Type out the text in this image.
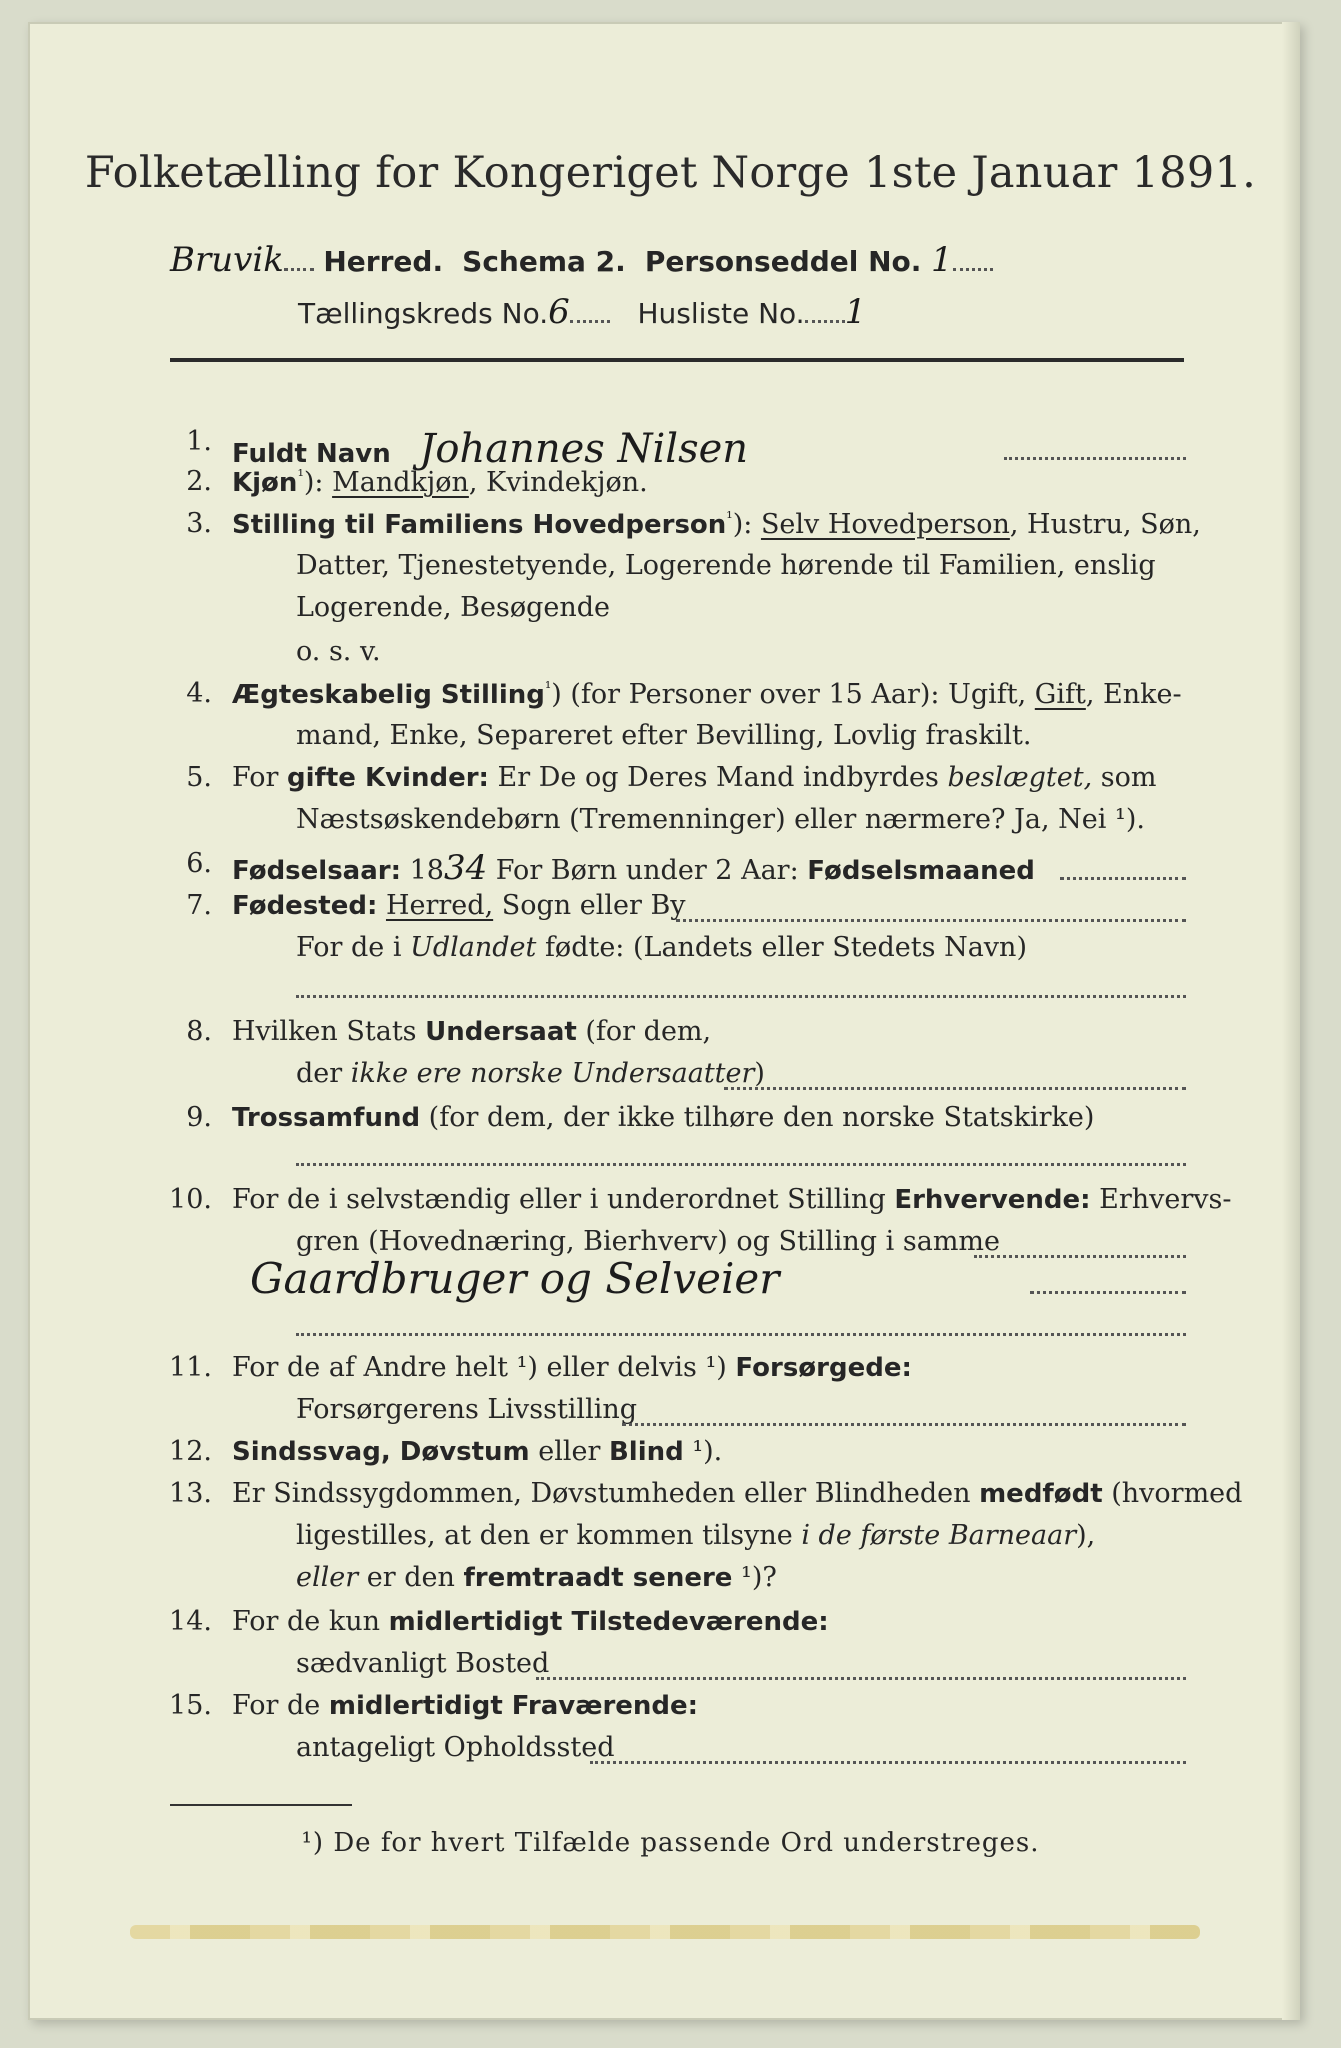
Folketælling for Kongeriget Norge 1ste Januar 1891.
Bruvik Herred. Schema 2. Personseddel No. 1
Tællingskreds No.6 Husliste No. 1
1. Fuldt Navn Johannes Nilsen
2. Kjøn$^{^1}$): Mandkjøn, Kvindekjøn.
3. Stilling til Familiens Hovedperson$^{^1}$): Selv Hovedperson, Hustru, Søn,
Datter, Tjenestetyende, Logerende hørende til Familien, enslig
Logerende, Besøgende
o. s. v.
4. Ægteskabelig Stilling$^{^1}$) (for Personer over 15 Aar): Ugift, Gift, Enke-
mand, Enke, Separeret efter Bevilling, Lovlig fraskilt.
5. For gifte Kvinder: Er De og Deres Mand indbyrdes beslægtet, som
Næstsøskendebørn (Tremenninger) eller nærmere? Ja, Nei ¹).
6. Fødselsaar: 1834 For Børn under 2 Aar: Fødselsmaaned
7. Fødested: Herred, Sogn eller By
For de i Udlandet fødte: (Landets eller Stedets Navn)
8. Hvilken Stats Undersaat (for dem,
der ikke ere norske Undersaatter)
9. Trossamfund (for dem, der ikke tilhøre den norske Statskirke)
10. For de i selvstændig eller i underordnet Stilling Erhvervende: Erhvervs-
gren (Hovednæring, Bierhverv) og Stilling i samme
Gaardbruger og Selveier
11. For de af Andre helt ¹) eller delvis ¹) Forsørgede:
Forsørgerens Livsstilling
12. Sindssvag, Døvstum eller Blind ¹).
13. Er Sindssygdommen, Døvstumheden eller Blindheden medfødt (hvormed
ligestilles, at den er kommen tilsyne i de første Barneaar),
eller er den fremtraadt senere ¹)?
14. For de kun midlertidigt Tilstedeværende:
sædvanligt Bosted
15. For de midlertidigt Fraværende:
antageligt Opholdssted
¹) De for hvert Tilfælde passende Ord understreges.
